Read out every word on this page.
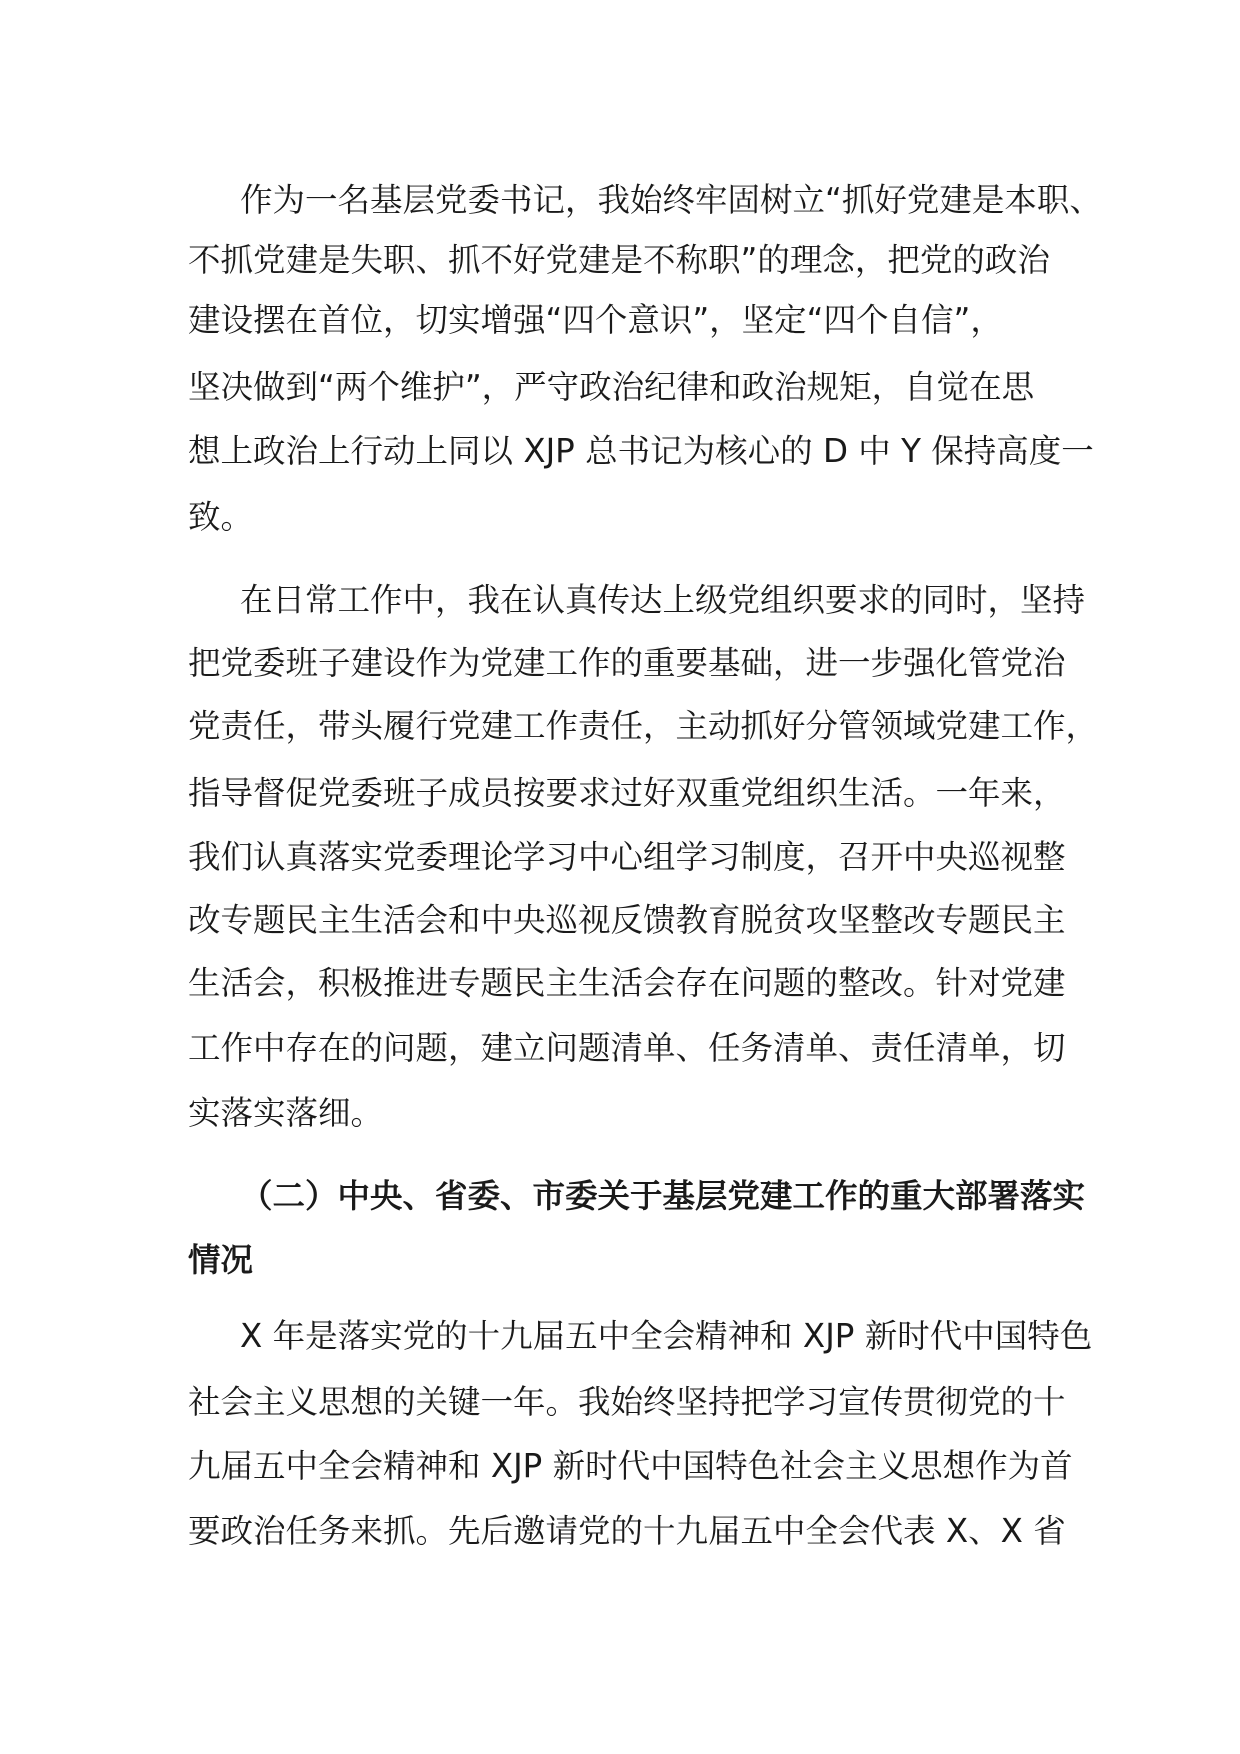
作为一名基层党委书记，我始终牢固树立“抓好党建是本职、

不抓党建是失职、抓不好党建是不称职”的理念，把党的政治

建设摆在首位，切实增强“四个意识”，坚定“四个自信”，

坚决做到“两个维护”，严守政治纪律和政治规矩，自觉在思

想上政治上行动上同以 XJP 总书记为核心的 D 中 Y 保持高度一

致。

在日常工作中，我在认真传达上级党组织要求的同时，坚持

把党委班子建设作为党建工作的重要基础，进一步强化管党治

党责任，带头履行党建工作责任，主动抓好分管领域党建工作，

指导督促党委班子成员按要求过好双重党组织生活。一年来，

我们认真落实党委理论学习中心组学习制度，召开中央巡视整

改专题民主生活会和中央巡视反馈教育脱贫攻坚整改专题民主

生活会，积极推进专题民主生活会存在问题的整改。针对党建

工作中存在的问题，建立问题清单、任务清单、责任清单，切

实落实落细。

（二）中央、省委、市委关于基层党建工作的重大部署落实

情况

X 年是落实党的十九届五中全会精神和 XJP 新时代中国特色

社会主义思想的关键一年。我始终坚持把学习宣传贯彻党的十

九届五中全会精神和 XJP 新时代中国特色社会主义思想作为首

要政治任务来抓。先后邀请党的十九届五中全会代表 X、X 省
